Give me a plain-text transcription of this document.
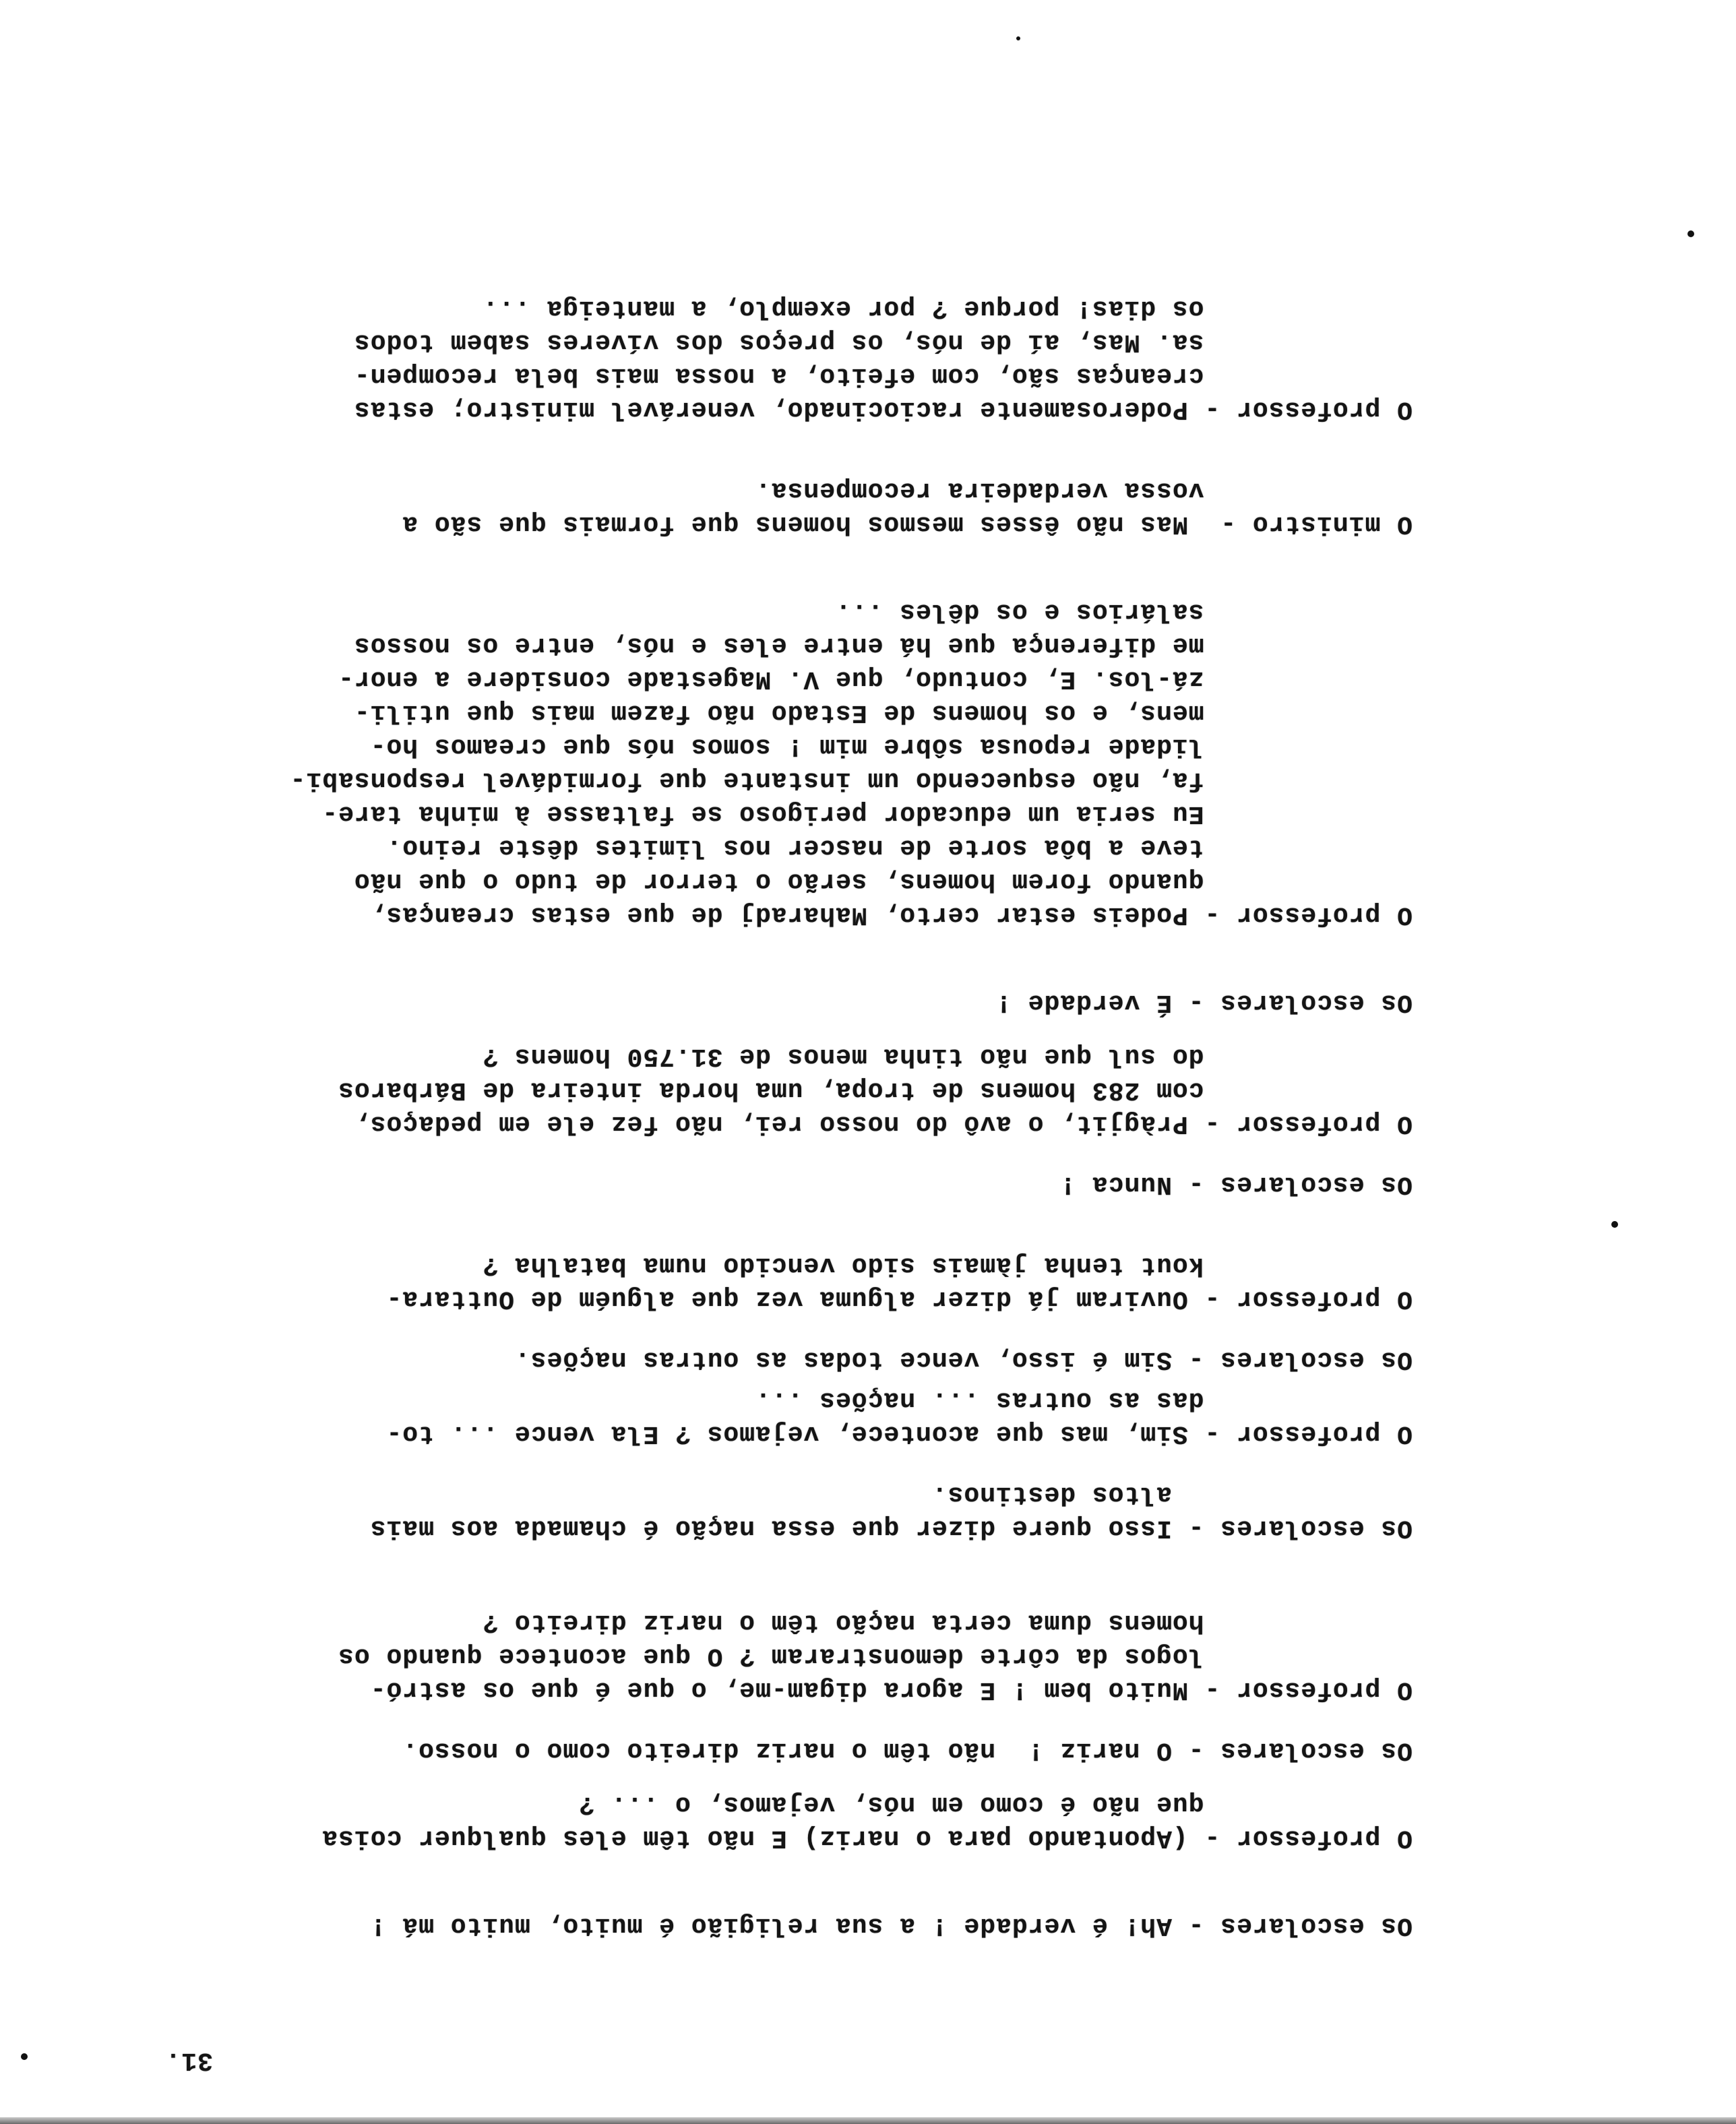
31.
Os escolares - Ah! é verdade ! a sua religião é muito, muito má !
O professor - (Apontando para o nariz) E não têm eles qualquer coisa
que não é como em nós, vejamos, o ... ?
Os escolares - O nariz !  não têm o nariz direito como o nosso.
O professor - Muito bem ! E agora digam-me, o que é que os astró-
logos da côrte demonstraram ? O que acontece quando os
homens duma certa nação têm o nariz direito ?
Os escolares - Isso quere dizer que essa nação é chamada aos mais
altos destinos.
O professor - Sim, mas que acontece, vejamos ? Ela vence ... to-
das as outras ... nações ...
Os escolares - Sim é isso, vence todas as outras nações.
O professor - Ouviram já dizer alguma vez que alguém de Outtara-
kout tenha jàmais sido vencido numa batalha ?
Os escolares - Nunca !
O professor - Pràgjit, o avô do nosso rei, não fez ele em pedaços,
com 283 homens de tropa, uma horda inteira de Bárbaros
do sul que não tinha menos de 31.750 homens ?
Os escolares - É verdade !
O professor - Podeis estar certo, Maharadj de que estas creanças,
quando forem homens, serão o terror de tudo o que não
teve a bôa sorte de nascer nos limites dêste reino.
Eu seria um educador perigoso se faltasse à minha tare-
fa, não esquecendo um instante que formidável responsabi-
lidade repousa sôbre mim ! somos nós que creamos ho-
mens, e os homens de Estado não fazem mais que utili-
zá-los. E, contudo, que V. Magestade considere a enor-
me diferença que há entre eles e nós, entre os nossos
salários e os dêles ...
O ministro -  Mas não êsses mesmos homens que formais que são a
vossa verdadeira recompensa.
O professor - Poderosamente raciocinado, venerável ministro; estas
creanças são, com efeito, a nossa mais bela recompen-
sa. Mas, aí de nós, os preços dos víveres sabem todos
os dias! porque ? por exemplo, a manteiga ...
